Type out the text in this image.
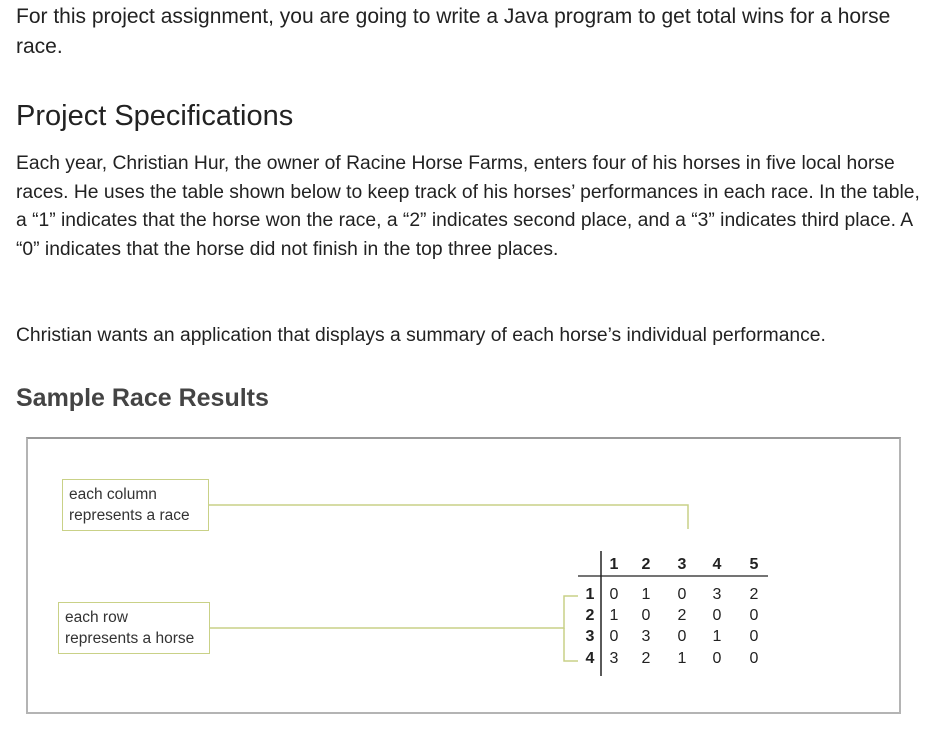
For this project assignment, you are going to write a Java program to get total wins for a horse race.

Project Specifications

Each year, Christian Hur, the owner of Racine Horse Farms, enters four of his horses in five local horse races. He uses the table shown below to keep track of his horses’ performances in each race. In the table, a “1” indicates that the horse won the race, a “2” indicates second place, and a “3” indicates third place. A “0” indicates that the horse did not finish in the top three places.

Christian wants an application that displays a summary of each horse’s individual performance.

Sample Race Results
1 2 3 4 5
1
2
3
4
0 1 0 3 2
1 0 2 0 0
0 3 0 1 0
3 2 1 0 0
each column
represents a race
each row
represents a horse
